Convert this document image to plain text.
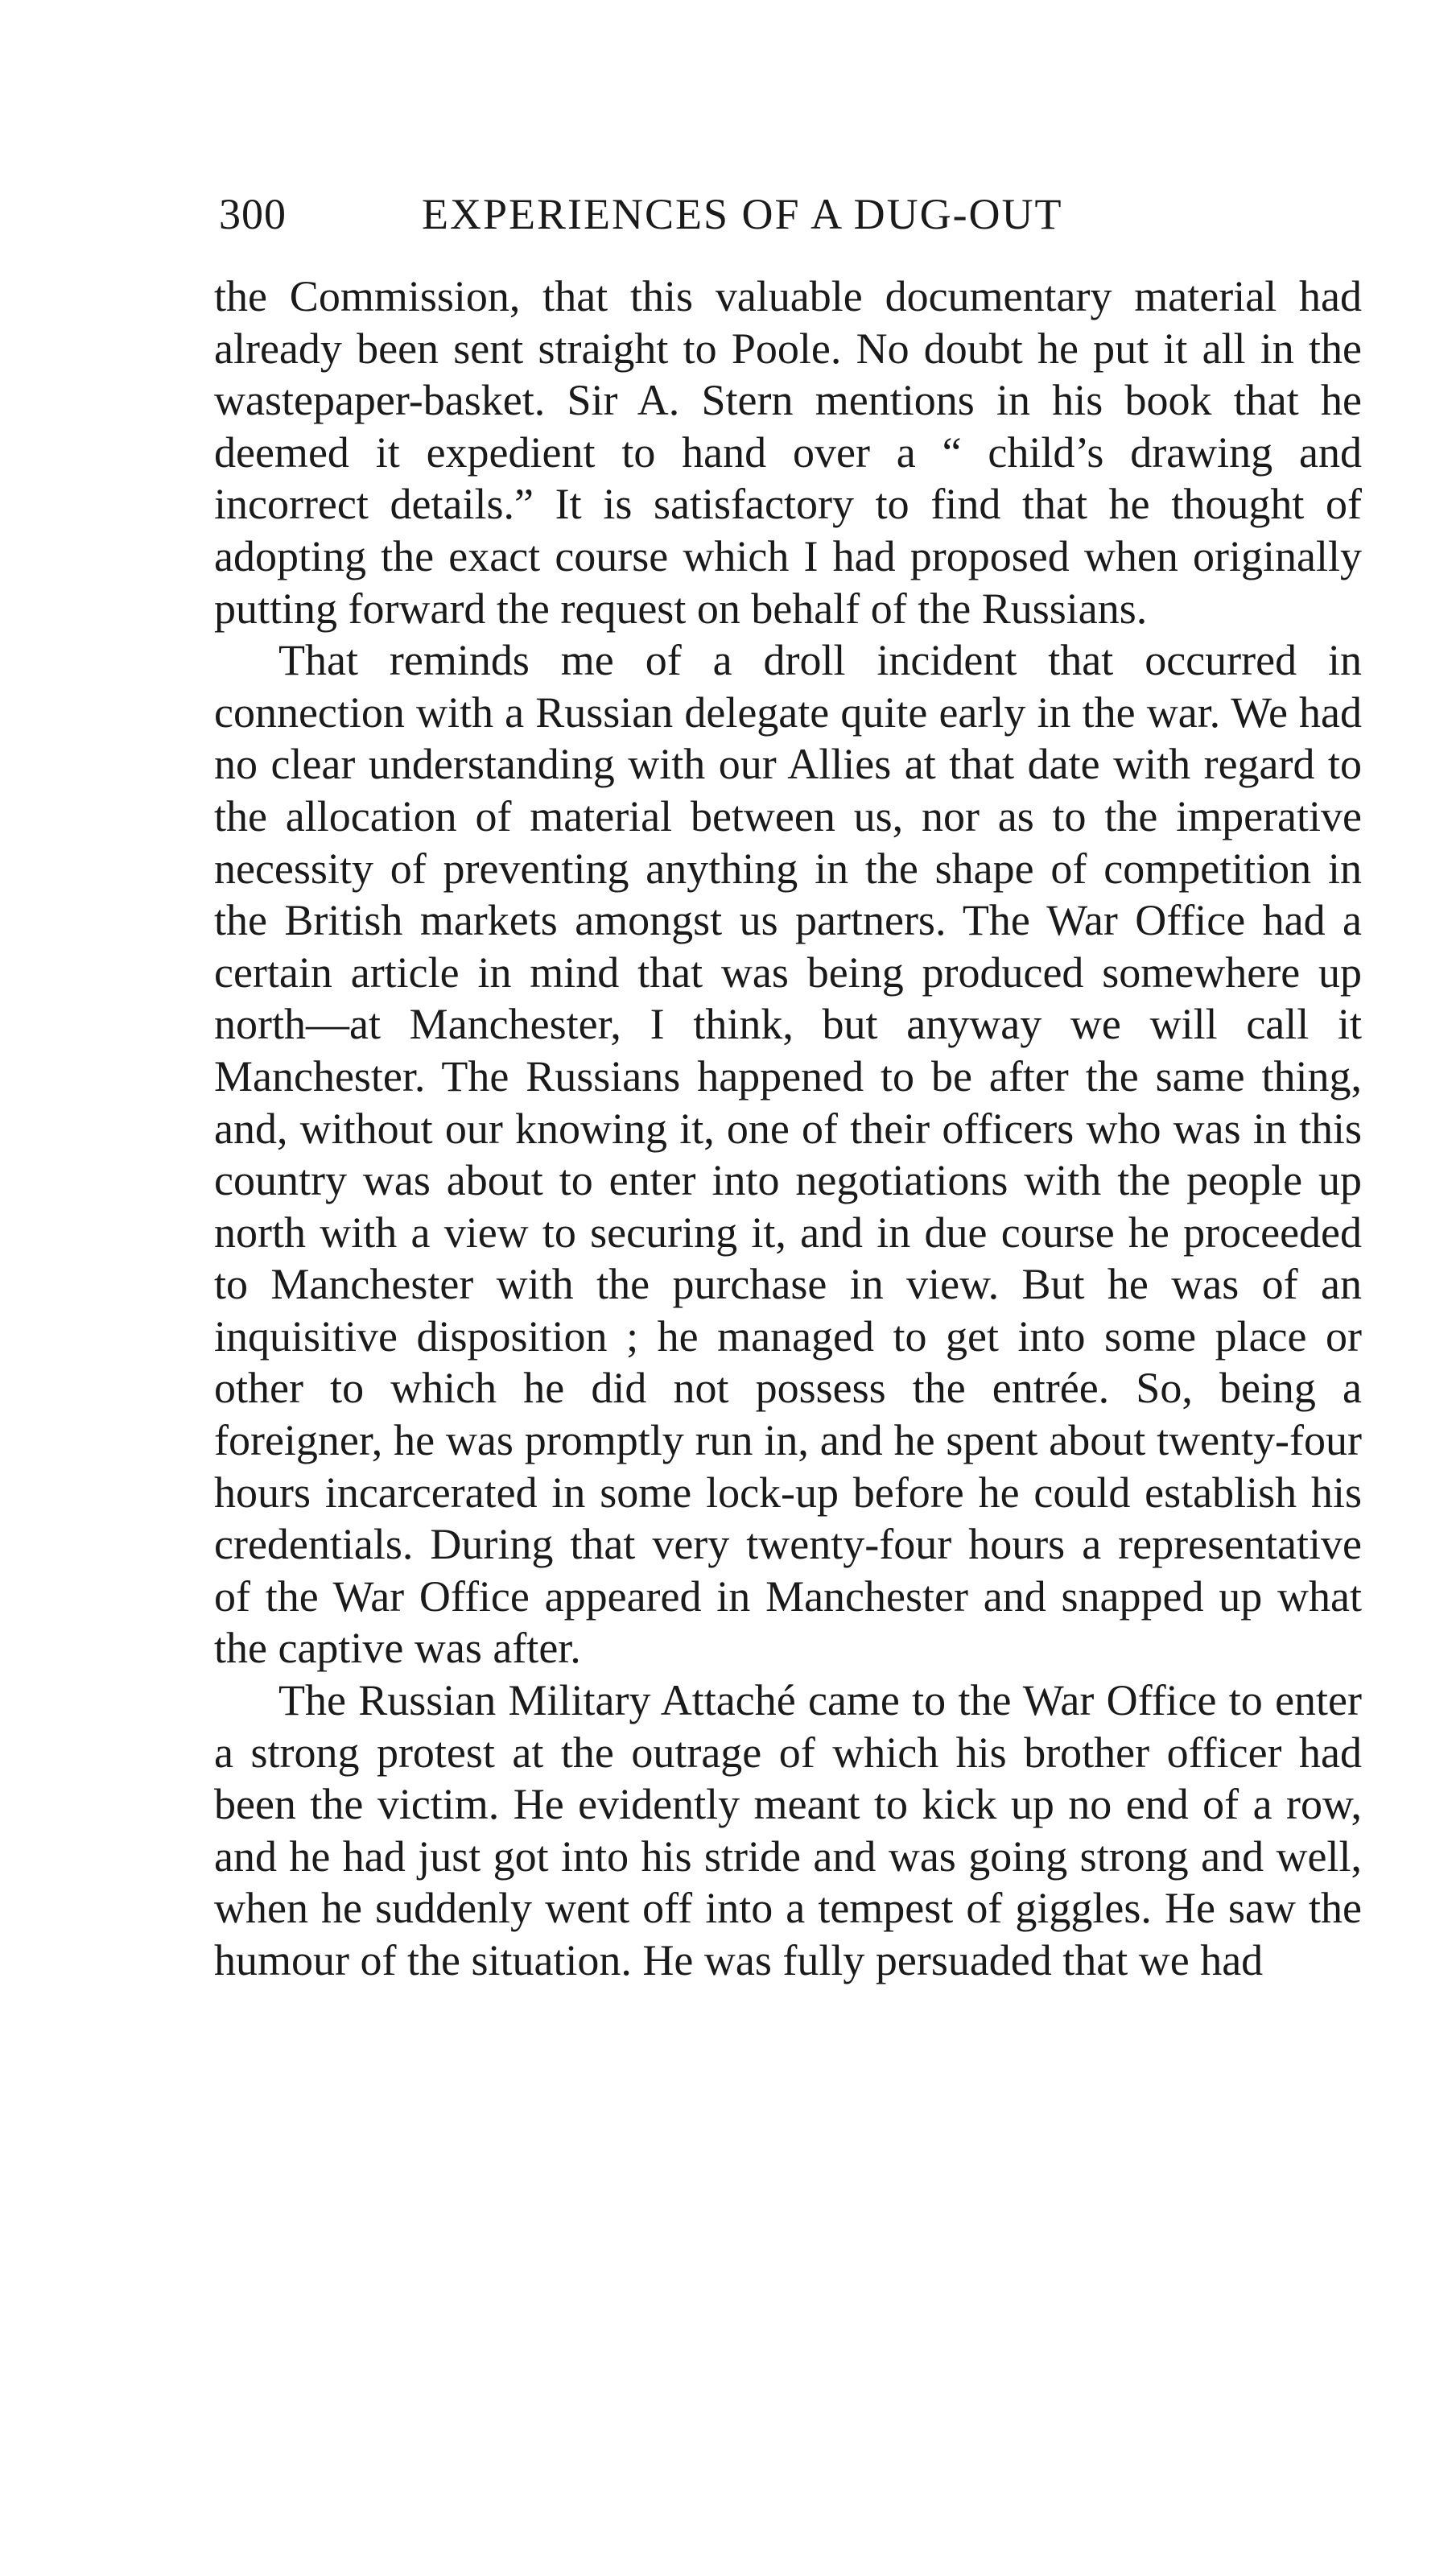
300	EXPERIENCES OF A DUG-OUT

the Commission, that this valuable documentary material had already been sent straight to Poole. No doubt he put it all in the wastepaper-basket. Sir A. Stern mentions in his book that he deemed it expedient to hand over a “ child’s drawing and incorrect details.” It is satisfactory to find that he thought of adopting the exact course which I had proposed when originally putting forward the request on behalf of the Russians.

That reminds me of a droll incident that occurred in connection with a Russian delegate quite early in the war. We had no clear understanding with our Allies at that date with regard to the allocation of material between us, nor as to the imperative necessity of preventing anything in the shape of competition in the British markets amongst us partners. The War Office had a certain article in mind that was being produced somewhere up north—at Manchester, I think, but anyway we will call it Manchester. The Russians happened to be after the same thing, and, without our knowing it, one of their officers who was in this country was about to enter into negotiations with the people up north with a view to securing it, and in due course he proceeded to Manchester with the purchase in view. But he was of an inquisitive disposition ; he managed to get into some place or other to which he did not possess the entrée. So, being a foreigner, he was promptly run in, and he spent about twenty-four hours incarcerated in some lock-up before he could establish his credentials. During that very twenty-four hours a representative of the War Office appeared in Manchester and snapped up what the captive was after.

The Russian Military Attaché came to the War Office to enter a strong protest at the outrage of which his brother officer had been the victim. He evidently meant to kick up no end of a row, and he had just got into his stride and was going strong and well, when he suddenly went off into a tempest of giggles. He saw the humour of the situation. He was fully persuaded that we had
